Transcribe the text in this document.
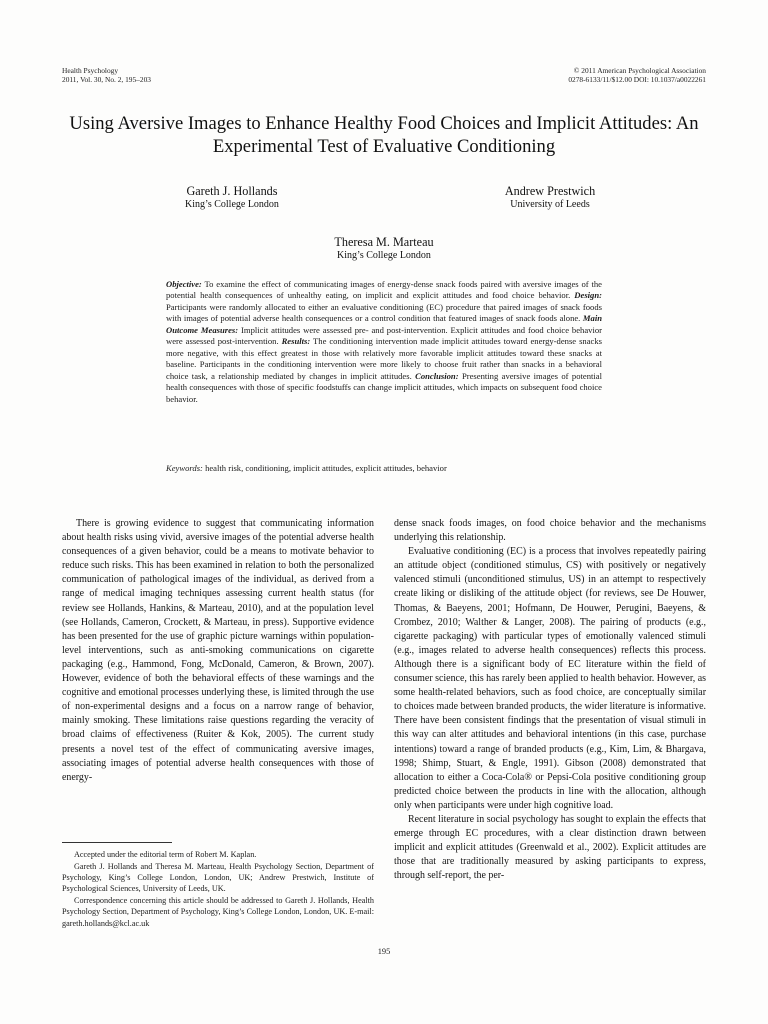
Health Psychology
2011, Vol. 30, No. 2, 195–203
© 2011 American Psychological Association
0278-6133/11/$12.00 DOI: 10.1037/a0022261
Using Aversive Images to Enhance Healthy Food Choices and Implicit Attitudes: An Experimental Test of Evaluative Conditioning
Gareth J. Hollands
King’s College London
Andrew Prestwich
University of Leeds
Theresa M. Marteau
King’s College London
Objective: To examine the effect of communicating images of energy-dense snack foods paired with aversive images of the potential health consequences of unhealthy eating, on implicit and explicit attitudes and food choice behavior. Design: Participants were randomly allocated to either an evaluative conditioning (EC) procedure that paired images of snack foods with images of potential adverse health consequences or a control condition that featured images of snack foods alone. Main Outcome Measures: Implicit attitudes were assessed pre- and post-intervention. Explicit attitudes and food choice behavior were assessed post-intervention. Results: The conditioning intervention made implicit attitudes toward energy-dense snacks more negative, with this effect greatest in those with relatively more favorable implicit attitudes toward these snacks at baseline. Participants in the conditioning intervention were more likely to choose fruit rather than snacks in a behavioral choice task, a relationship mediated by changes in implicit attitudes. Conclusion: Presenting aversive images of potential health consequences with those of specific foodstuffs can change implicit attitudes, which impacts on subsequent food choice behavior.
Keywords: health risk, conditioning, implicit attitudes, explicit attitudes, behavior

There is growing evidence to suggest that communicating information about health risks using vivid, aversive images of the potential adverse health consequences of a given behavior, could be a means to motivate behavior to reduce such risks. This has been examined in relation to both the personalized communication of pathological images of the individual, as derived from a range of medical imaging techniques assessing current health status (for review see Hollands, Hankins, & Marteau, 2010), and at the population level (see Hollands, Cameron, Crockett, & Marteau, in press). Supportive evidence has been presented for the use of graphic picture warnings within population-level interventions, such as anti-smoking communications on cigarette packaging (e.g., Hammond, Fong, McDonald, Cameron, & Brown, 2007). However, evidence of both the behavioral effects of these warnings and the cognitive and emotional processes underlying these, is limited through the use of non-experimental designs and a focus on a narrow range of behavior, mainly smoking. These limitations raise questions regarding the veracity of broad claims of effectiveness (Ruiter & Kok, 2005). The current study presents a novel test of the effect of communicating aversive images, associating images of potential adverse health consequences with those of energy-

dense snack foods images, on food choice behavior and the mechanisms underlying this relationship.

Evaluative conditioning (EC) is a process that involves repeatedly pairing an attitude object (conditioned stimulus, CS) with positively or negatively valenced stimuli (unconditioned stimulus, US) in an attempt to respectively create liking or disliking of the attitude object (for reviews, see De Houwer, Thomas, & Baeyens, 2001; Hofmann, De Houwer, Perugini, Baeyens, & Crombez, 2010; Walther & Langer, 2008). The pairing of products (e.g., cigarette packaging) with particular types of emotionally valenced stimuli (e.g., images related to adverse health consequences) reflects this process. Although there is a significant body of EC literature within the field of consumer science, this has rarely been applied to health behavior. However, as some health-related behaviors, such as food choice, are conceptually similar to choices made between branded products, the wider literature is informative. There have been consistent findings that the presentation of visual stimuli in this way can alter attitudes and behavioral intentions (in this case, purchase intentions) toward a range of branded products (e.g., Kim, Lim, & Bhargava, 1998; Shimp, Stuart, & Engle, 1991). Gibson (2008) demonstrated that allocation to either a Coca-Cola® or Pepsi-Cola positive conditioning group predicted choice between the products in line with the allocation, although only when participants were under high cognitive load.

Recent literature in social psychology has sought to explain the effects that emerge through EC procedures, with a clear distinction drawn between implicit and explicit attitudes (Greenwald et al., 2002). Explicit attitudes are those that are traditionally measured by asking participants to express, through self-report, the per-

Accepted under the editorial term of Robert M. Kaplan.

Gareth J. Hollands and Theresa M. Marteau, Health Psychology Section, Department of Psychology, King’s College London, London, UK; Andrew Prestwich, Institute of Psychological Sciences, University of Leeds, UK.

Correspondence concerning this article should be addressed to Gareth J. Hollands, Health Psychology Section, Department of Psychology, King’s College London, London, UK. E-mail: gareth.hollands@kcl.ac.uk

195
